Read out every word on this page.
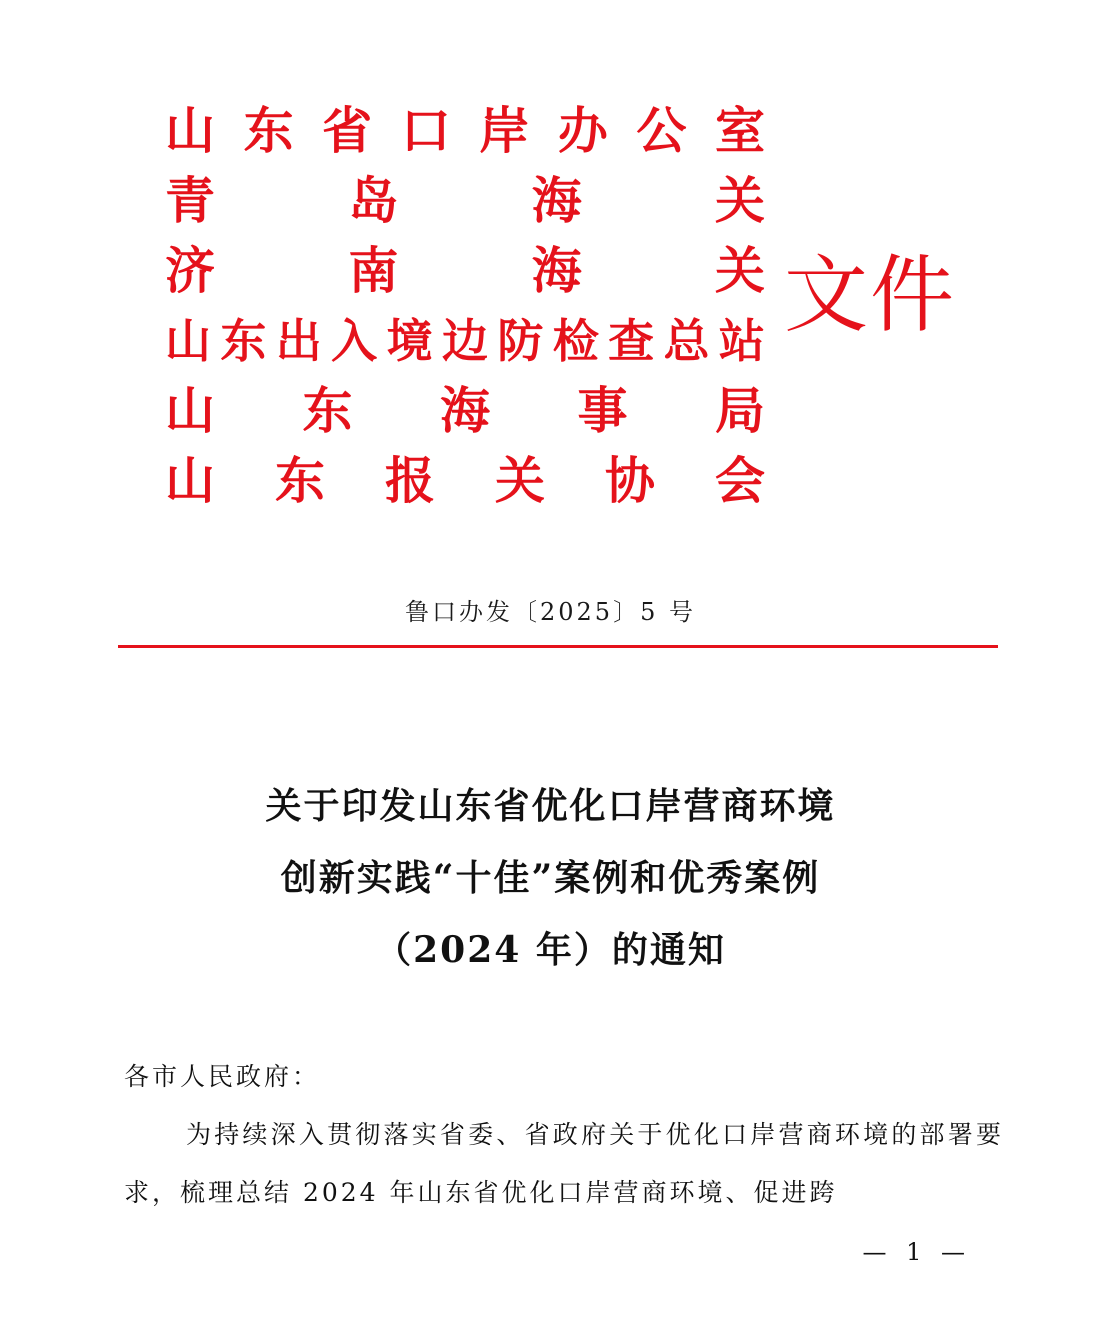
山 东 省 口 岸 办 公 室
青	岛	海	关
济	南	海	关
山 东 出 入 境 边 防 检 查 总 站
山 东 海 事 局
山 东 报 关 协 会
文件
鲁口办发〔2025〕5 号
关于印发山东省优化口岸营商环境
创新实践“十佳”案例和优秀案例
（2024 年）的通知

各市人民政府：

为持续深入贯彻落实省委、省政府关于优化口岸营商环境的部署要求，梳理总结 2024 年山东省优化口岸营商环境、促进跨

— 1 —
